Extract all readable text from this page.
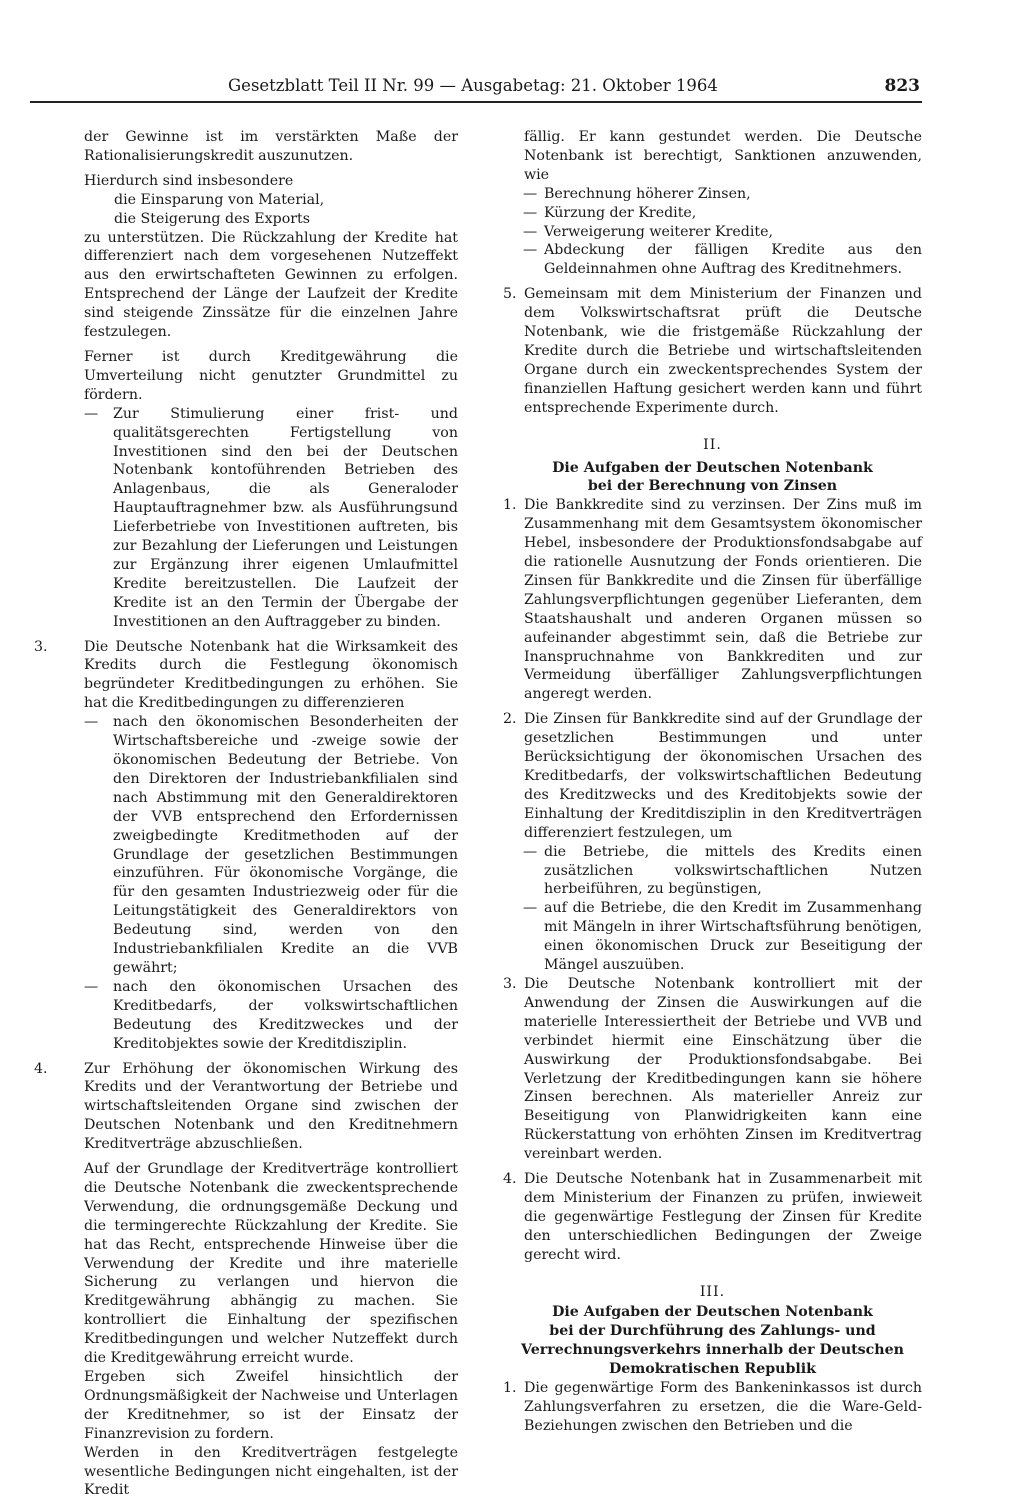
Gesetzblatt Teil II Nr. 99 — Ausgabetag: 21. Oktober 1964	823

der Gewinne ist im verstärkten Maße der Rationalisierungskredit auszunutzen.

Hierdurch sind insbesondere

die Einsparung von Material,

die Steigerung des Exports

zu unterstützen. Die Rückzahlung der Kredite hat differenziert nach dem vorgesehenen Nutzeffekt aus den erwirtschafteten Gewinnen zu erfolgen. Entsprechend der Länge der Laufzeit der Kredite sind steigende Zinssätze für die einzelnen Jahre festzulegen.

Ferner ist durch Kreditgewährung die Umverteilung nicht genutzter Grundmittel zu fördern.

— Zur Stimulierung einer frist- und qualitätsgerechten Fertigstellung von Investitionen sind den bei der Deutschen Notenbank kontoführenden Betrieben des Anlagenbaus, die als Generaloder Hauptauftragnehmer bzw. als Ausführungsund Lieferbetriebe von Investitionen auftreten, bis zur Bezahlung der Lieferungen und Leistungen zur Ergänzung ihrer eigenen Umlaufmittel Kredite bereitzustellen. Die Laufzeit der Kredite ist an den Termin der Übergabe der Investitionen an den Auftraggeber zu binden.

3.	Die Deutsche Notenbank hat die Wirksamkeit des Kredits durch die Festlegung ökonomisch begründeter Kreditbedingungen zu erhöhen. Sie hat die Kreditbedingungen zu differenzieren

— nach den ökonomischen Besonderheiten der Wirtschaftsbereiche und -zweige sowie der ökonomischen Bedeutung der Betriebe. Von den Direktoren der Industriebankfilialen sind nach Abstimmung mit den Generaldirektoren der VVB entsprechend den Erfordernissen zweigbedingte Kreditmethoden auf der Grundlage der gesetzlichen Bestimmungen einzuführen. Für ökonomische Vorgänge, die für den gesamten Industriezweig oder für die Leitungstätigkeit des Generaldirektors von Bedeutung sind, werden von den Industriebankfilialen Kredite an die VVB gewährt;

— nach den ökonomischen Ursachen des Kreditbedarfs, der volkswirtschaftlichen Bedeutung des Kreditzweckes und der Kreditobjektes sowie der Kreditdisziplin.

4.	Zur Erhöhung der ökonomischen Wirkung des Kredits und der Verantwortung der Betriebe und wirtschaftsleitenden Organe sind zwischen der Deutschen Notenbank und den Kreditnehmern Kreditverträge abzuschließen.

Auf der Grundlage der Kreditverträge kontrolliert die Deutsche Notenbank die zweckentsprechende Verwendung, die ordnungsgemäße Deckung und die termingerechte Rückzahlung der Kredite. Sie hat das Recht, entsprechende Hinweise über die Verwendung der Kredite und ihre materielle Sicherung zu verlangen und hiervon die Kreditgewährung abhängig zu machen. Sie kontrolliert die Einhaltung der spezifischen Kreditbedingungen und welcher Nutzeffekt durch die Kreditgewährung erreicht wurde.

Ergeben sich Zweifel hinsichtlich der Ordnungsmäßigkeit der Nachweise und Unterlagen der Kreditnehmer, so ist der Einsatz der Finanzrevision zu fordern.

Werden in den Kreditverträgen festgelegte wesentliche Bedingungen nicht eingehalten, ist der Kredit

fällig. Er kann gestundet werden. Die Deutsche Notenbank ist berechtigt, Sanktionen anzuwenden, wie

— Berechnung höherer Zinsen,

— Kürzung der Kredite,

— Verweigerung weiterer Kredite,

— Abdeckung der fälligen Kredite aus den Geldeinnahmen ohne Auftrag des Kreditnehmers.

5. Gemeinsam mit dem Ministerium der Finanzen und dem Volkswirtschaftsrat prüft die Deutsche Notenbank, wie die fristgemäße Rückzahlung der Kredite durch die Betriebe und wirtschaftsleitenden Organe durch ein zweckentsprechendes System der finanziellen Haftung gesichert werden kann und führt entsprechende Experimente durch.

II.

Die Aufgaben der Deutschen Notenbank

bei der Berechnung von Zinsen

1. Die Bankkredite sind zu verzinsen. Der Zins muß im Zusammenhang mit dem Gesamtsystem ökonomischer Hebel, insbesondere der Produktionsfondsabgabe auf die rationelle Ausnutzung der Fonds orientieren. Die Zinsen für Bankkredite und die Zinsen für überfällige Zahlungsverpflichtungen gegenüber Lieferanten, dem Staatshaushalt und anderen Organen müssen so aufeinander abgestimmt sein, daß die Betriebe zur Inanspruchnahme von Bankkrediten und zur Vermeidung überfälliger Zahlungsverpflichtungen angeregt werden.

2. Die Zinsen für Bankkredite sind auf der Grundlage der gesetzlichen Bestimmungen und unter Berücksichtigung der ökonomischen Ursachen des Kreditbedarfs, der volkswirtschaftlichen Bedeutung des Kreditzwecks und des Kreditobjekts sowie der Einhaltung der Kreditdisziplin in den Kreditverträgen differenziert festzulegen, um

— die Betriebe, die mittels des Kredits einen zusätzlichen volkswirtschaftlichen Nutzen herbeiführen, zu begünstigen,

— auf die Betriebe, die den Kredit im Zusammenhang mit Mängeln in ihrer Wirtschaftsführung benötigen, einen ökonomischen Druck zur Beseitigung der Mängel auszuüben.

3. Die Deutsche Notenbank kontrolliert mit der Anwendung der Zinsen die Auswirkungen auf die materielle Interessiertheit der Betriebe und VVB und verbindet hiermit eine Einschätzung über die Auswirkung der Produktionsfondsabgabe. Bei Verletzung der Kreditbedingungen kann sie höhere Zinsen berechnen. Als materieller Anreiz zur Beseitigung von Planwidrigkeiten kann eine Rückerstattung von erhöhten Zinsen im Kreditvertrag vereinbart werden.

4. Die Deutsche Notenbank hat in Zusammenarbeit mit dem Ministerium der Finanzen zu prüfen, inwieweit die gegenwärtige Festlegung der Zinsen für Kredite den unterschiedlichen Bedingungen der Zweige gerecht wird.

III.

Die Aufgaben der Deutschen Notenbank

bei der Durchführung des Zahlungs- und Verrechnungsverkehrs innerhalb der Deutschen Demokratischen Republik

1. Die gegenwärtige Form des Bankeninkassos ist durch Zahlungsverfahren zu ersetzen, die die Ware-Geld-Beziehungen zwischen den Betrieben und die
